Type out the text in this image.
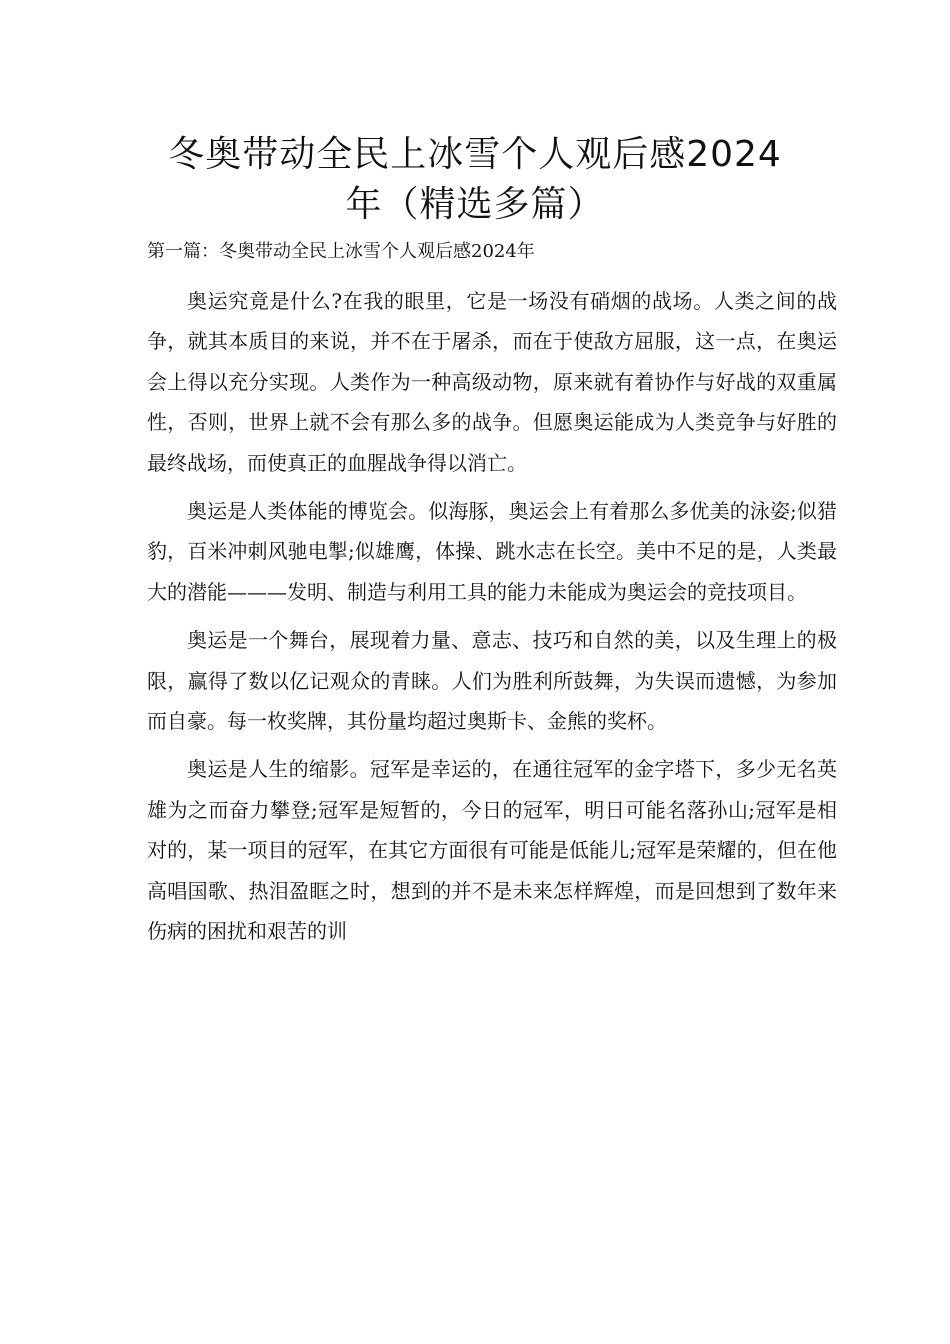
冬奥带动全民上冰雪个人观后感2024
年（精选多篇）

第一篇：冬奥带动全民上冰雪个人观后感2024年

奥运究竟是什么?在我的眼里，它是一场没有硝烟的战场。人类之间的战争，就其本质目的来说，并不在于屠杀，而在于使敌方屈服，这一点，在奥运会上得以充分实现。人类作为一种高级动物，原来就有着协作与好战的双重属性，否则，世界上就不会有那么多的战争。但愿奥运能成为人类竞争与好胜的最终战场，而使真正的血腥战争得以消亡。

奥运是人类体能的博览会。似海豚，奥运会上有着那么多优美的泳姿;似猎豹，百米冲刺风驰电掣;似雄鹰，体操、跳水志在长空。美中不足的是，人类最大的潜能———发明、制造与利用工具的能力未能成为奥运会的竞技项目。

奥运是一个舞台，展现着力量、意志、技巧和自然的美，以及生理上的极限，赢得了数以亿记观众的青睐。人们为胜利所鼓舞，为失误而遗憾，为参加而自豪。每一枚奖牌，其份量均超过奥斯卡、金熊的奖杯。

奥运是人生的缩影。冠军是幸运的，在通往冠军的金字塔下，多少无名英雄为之而奋力攀登;冠军是短暂的，今日的冠军，明日可能名落孙山;冠军是相对的，某一项目的冠军，在其它方面很有可能是低能儿;冠军是荣耀的，但在他高唱国歌、热泪盈眶之时，想到的并不是未来怎样辉煌，而是回想到了数年来伤病的困扰和艰苦的训
